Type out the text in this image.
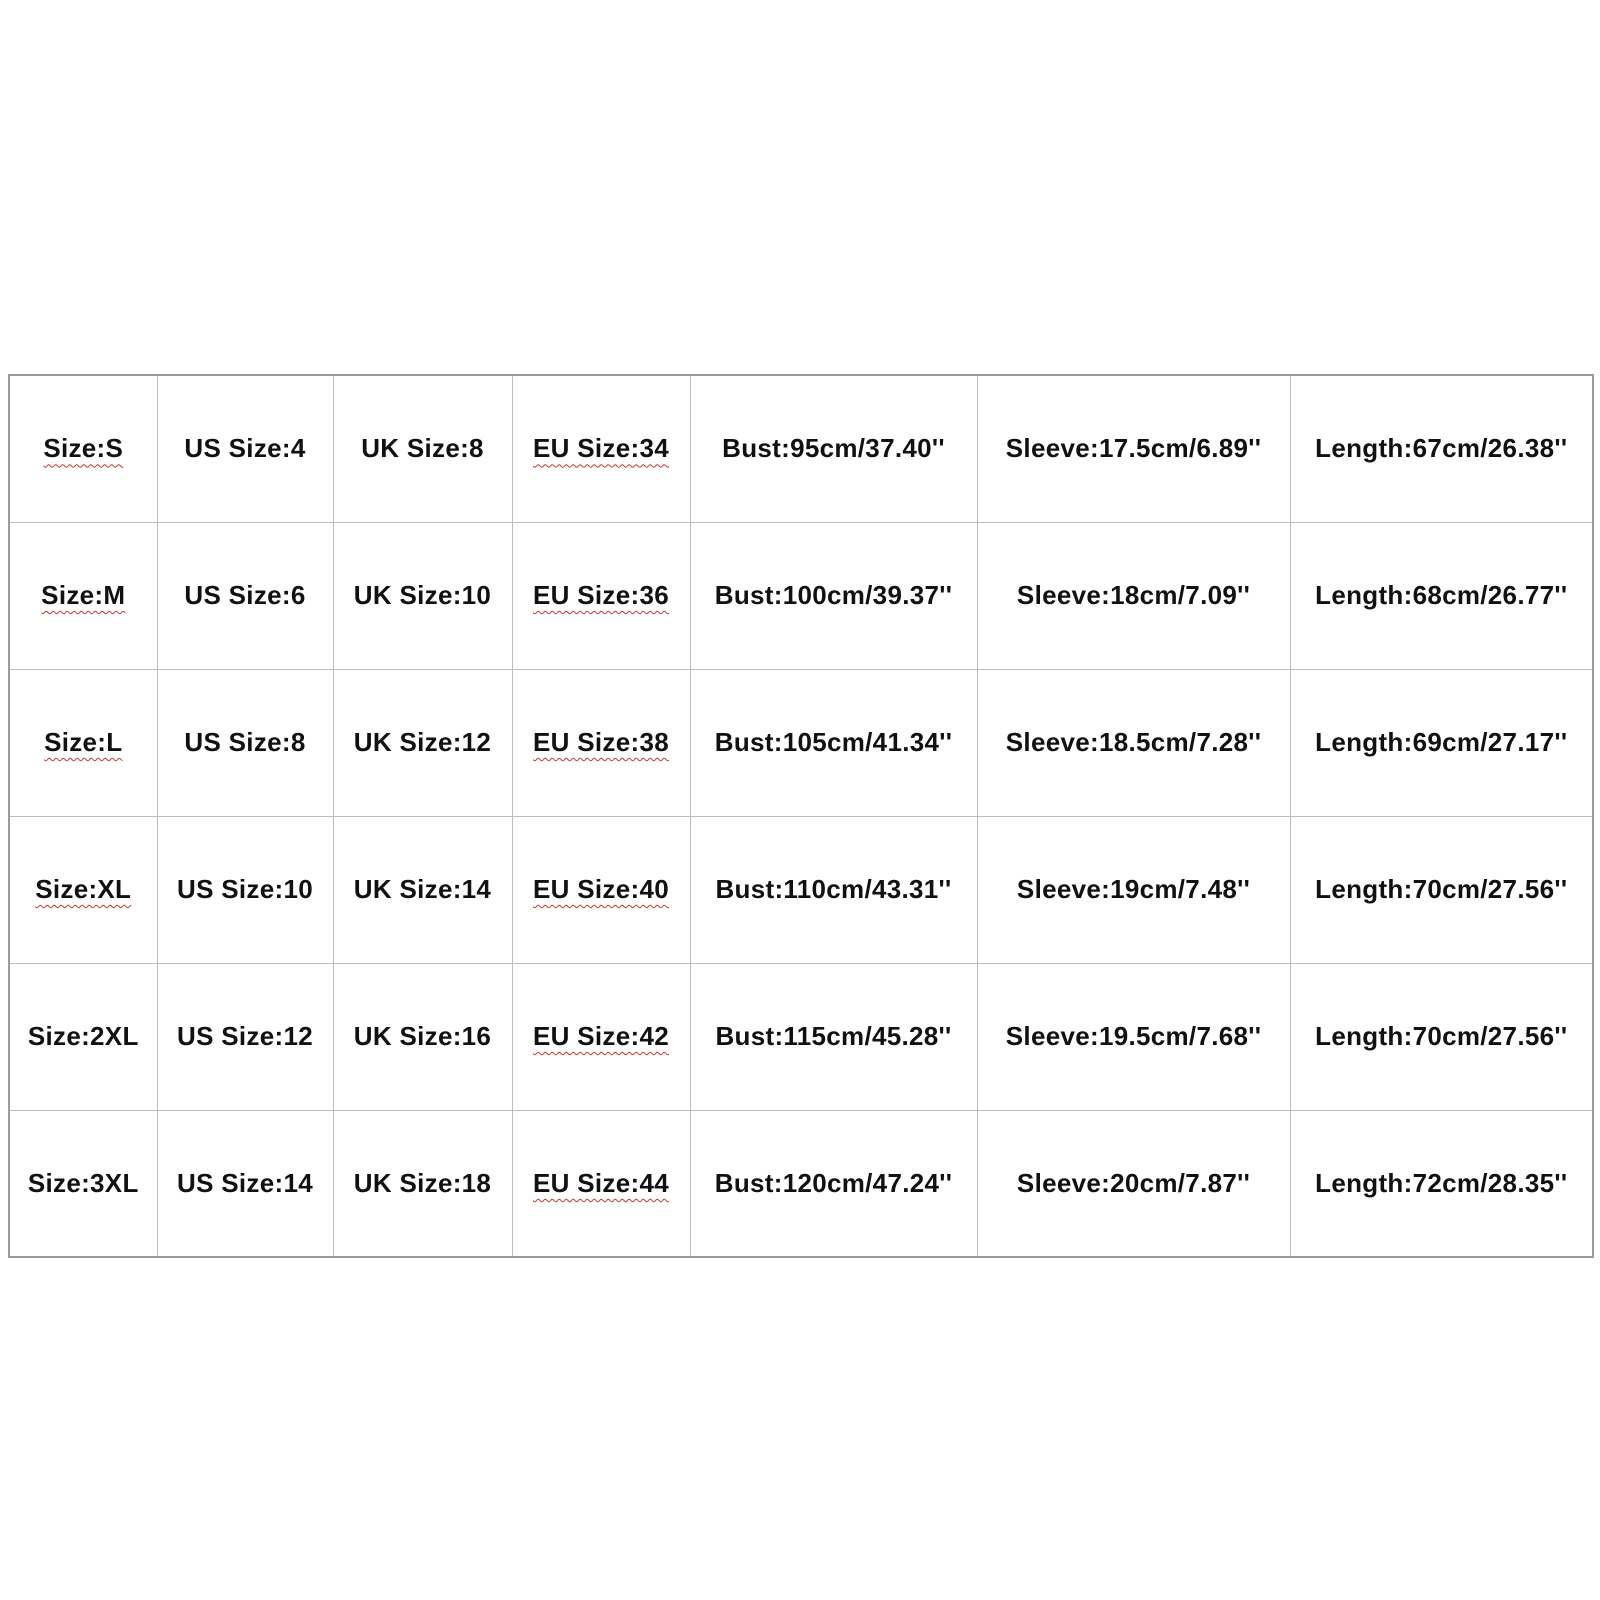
Size:S	US Size:4	UK Size:8	EU Size:34	Bust:95cm/37.40''	Sleeve:17.5cm/6.89''	Length:67cm/26.38''
Size:M	US Size:6	UK Size:10	EU Size:36	Bust:100cm/39.37''	Sleeve:18cm/7.09''	Length:68cm/26.77''
Size:L	US Size:8	UK Size:12	EU Size:38	Bust:105cm/41.34''	Sleeve:18.5cm/7.28''	Length:69cm/27.17''
Size:XL	US Size:10	UK Size:14	EU Size:40	Bust:110cm/43.31''	Sleeve:19cm/7.48''	Length:70cm/27.56''
Size:2XL	US Size:12	UK Size:16	EU Size:42	Bust:115cm/45.28''	Sleeve:19.5cm/7.68''	Length:70cm/27.56''
Size:3XL	US Size:14	UK Size:18	EU Size:44	Bust:120cm/47.24''	Sleeve:20cm/7.87''	Length:72cm/28.35''
